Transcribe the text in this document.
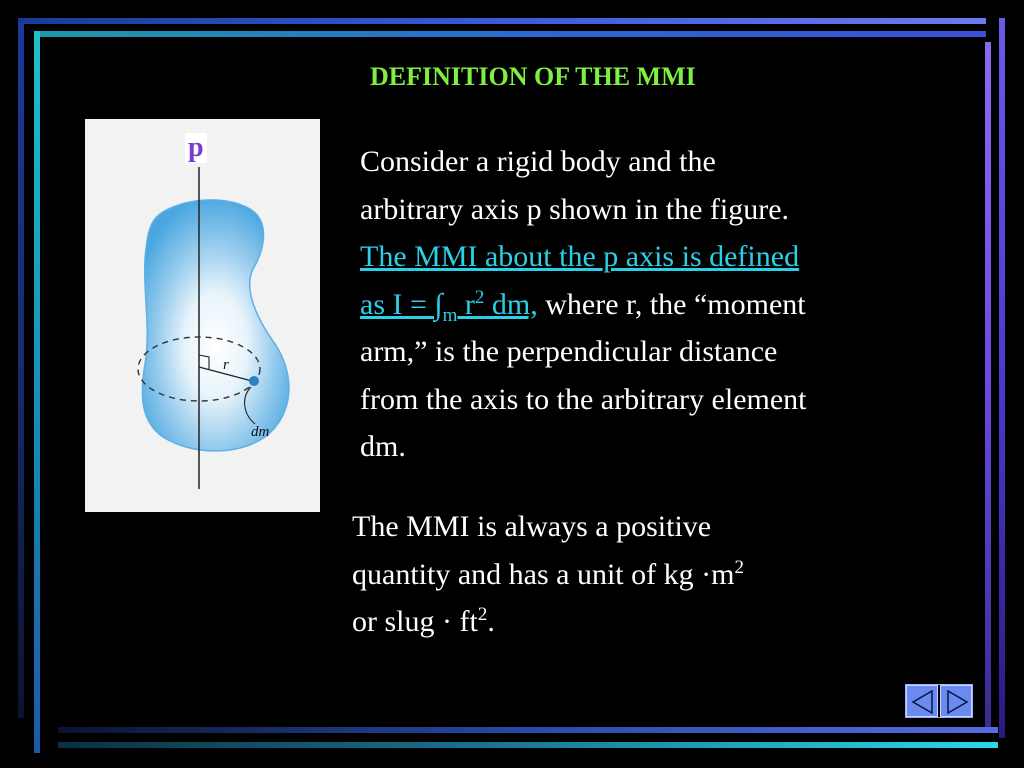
DEFINITION OF THE MMI
r
dm
p	Consider a rigid body and the
arbitrary axis p shown in the figure.
The MMI about the p axis is defined
as $I = \int_m$ $r^2$ dm, where r, the “moment
arm,” is the perpendicular distance
from the axis to the arbitrary element
dm.
The MMI is always a positive
quantity and has a unit of kg $\cdot m^2$
or slug · $ft^2$.
